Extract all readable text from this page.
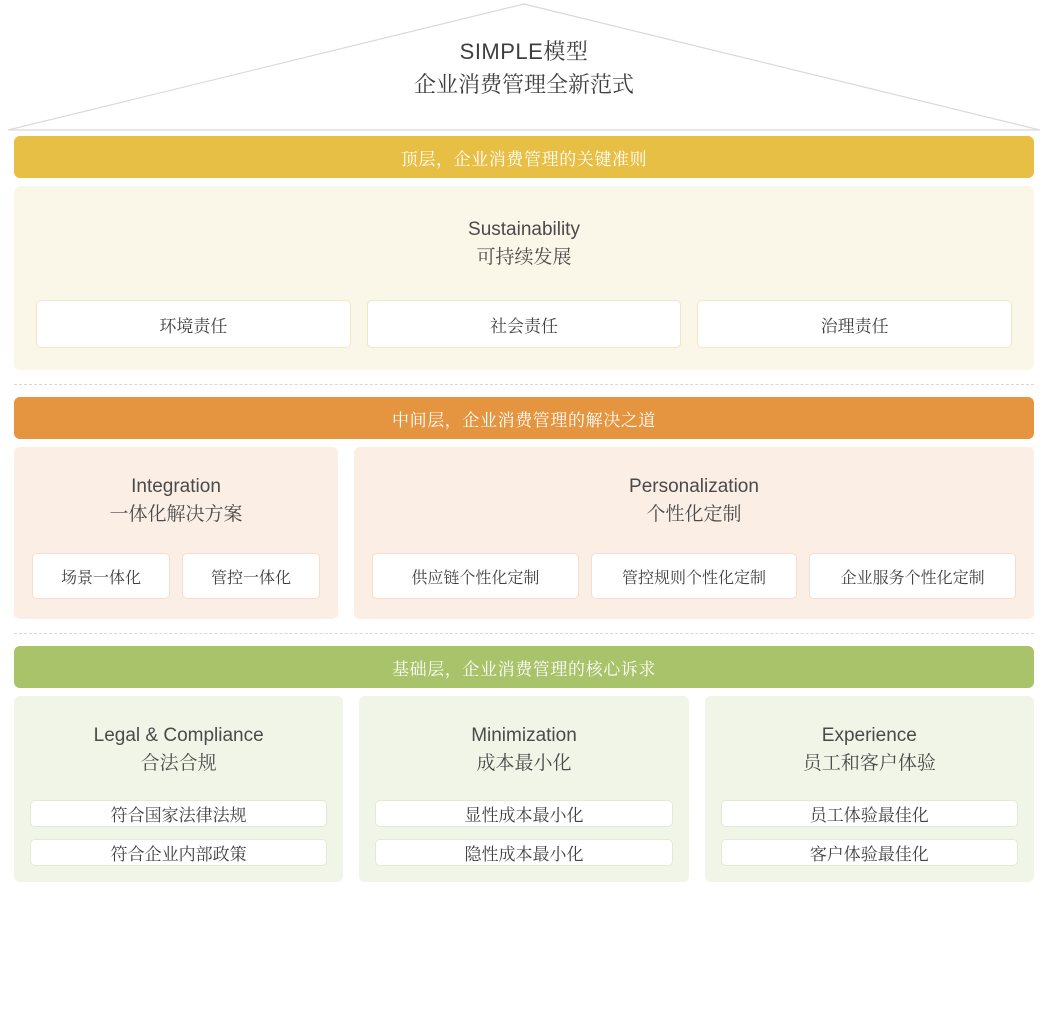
SIMPLE模型
企业消费管理全新范式
顶层，企业消费管理的关键准则
Sustainability
可持续发展
环境责任	社会责任	治理责任
中间层，企业消费管理的解决之道
Integration
一体化解决方案
场景一体化	管控一体化
Personalization
个性化定制
供应链个性化定制	管控规则个性化定制	企业服务个性化定制
基础层，企业消费管理的核心诉求
Legal & Compliance
合法合规
符合国家法律法规
符合企业内部政策
Minimization
成本最小化
显性成本最小化
隐性成本最小化
Experience
员工和客户体验
员工体验最佳化
客户体验最佳化
